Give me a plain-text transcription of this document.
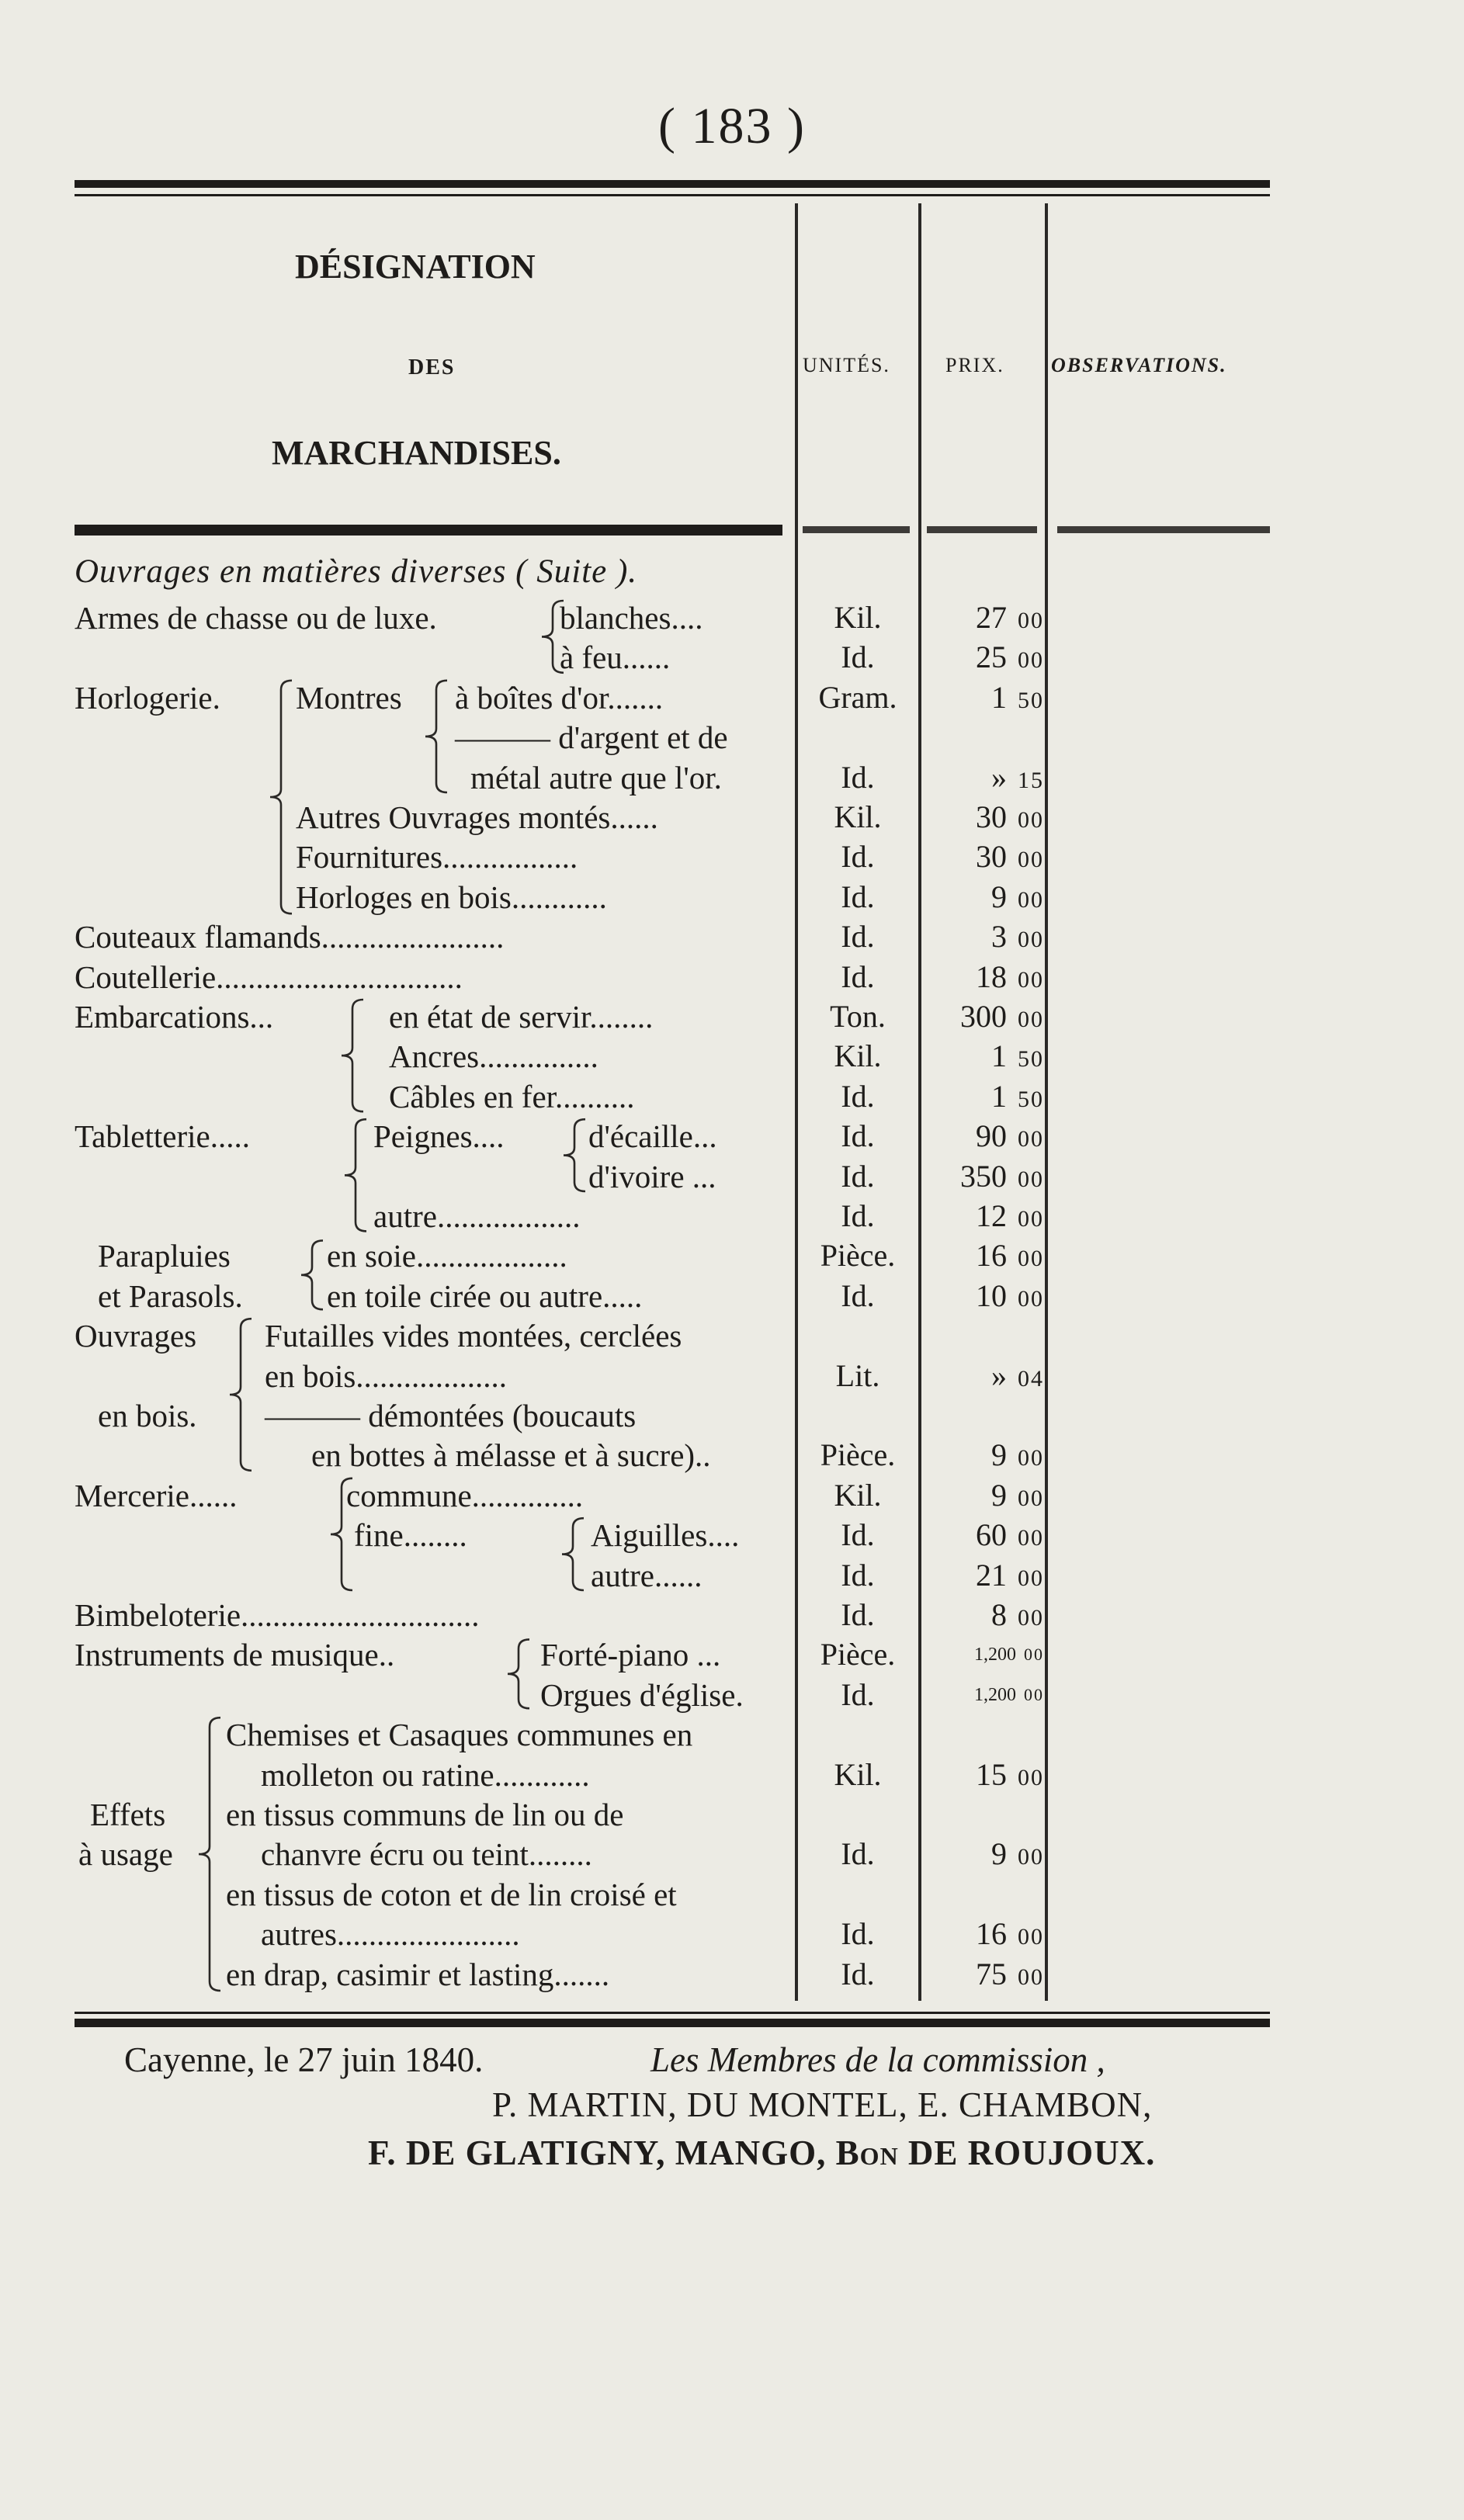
( 183 )
DÉSIGNATION
DES
MARCHANDISES.
UNITÉS.	PRIX. OBSERVATIONS.
Ouvrages en matières diverses ( Suite ).
Armes de chasse ou de luxe.	blanches....	Kil.	27 00
à feu......	Id.	25 00
Horlogerie. Montres à boîtes d'or.......	Gram.	1 50
——— d'argent et de
métal autre que l'or.	Id.	» 15
Autres Ouvrages montés......	Kil.	30 00
Fournitures.................	Id.	30 00
Horloges en bois............	Id.	9 00
Couteaux flamands.......................	Id.	3 00
Coutellerie...............................	Id.	18 00
Embarcations...	en état de servir........	Ton.	300 00
Ancres...............	Kil.	1 50
Câbles en fer..........	Id.	1 50
Tabletterie.....	Peignes....	d'écaille...	Id.	90 00
d'ivoire ...	Id.	350 00
autre..................	Id.	12 00
Parapluies	en soie...................	Pièce.	16 00
et Parasols.	en toile cirée ou autre.....	Id.	10 00
Ouvrages Futailles vides montées, cerclées
en bois...................	Lit.	» 04
en bois. ——— démontées (boucauts
en bottes à mélasse et à sucre)..	Pièce.	9 00
Mercerie......	commune..............	Kil.	9 00
fine........	Aiguilles....	Id.	60 00
autre......	Id.	21 00
Bimbeloterie..............................	Id.	8 00
Instruments de musique..	Forté-piano ...	Pièce.	1,200 00
Orgues d'église.	Id.	1,200 00
Chemises et Casaques communes en
molleton ou ratine............	Kil.	15 00
Effets en tissus communs de lin ou de
à usage	chanvre écru ou teint........	Id.	9 00
en tissus de coton et de lin croisé et
autres.......................	Id.	16 00
en drap, casimir et lasting.......	Id.	75 00
Cayenne, le 27 juin 1840.	Les Membres de la commission ,
P. MARTIN, DU MONTEL, E. CHAMBON,
F. DE GLATIGNY, MANGO, Bon DE ROUJOUX.
